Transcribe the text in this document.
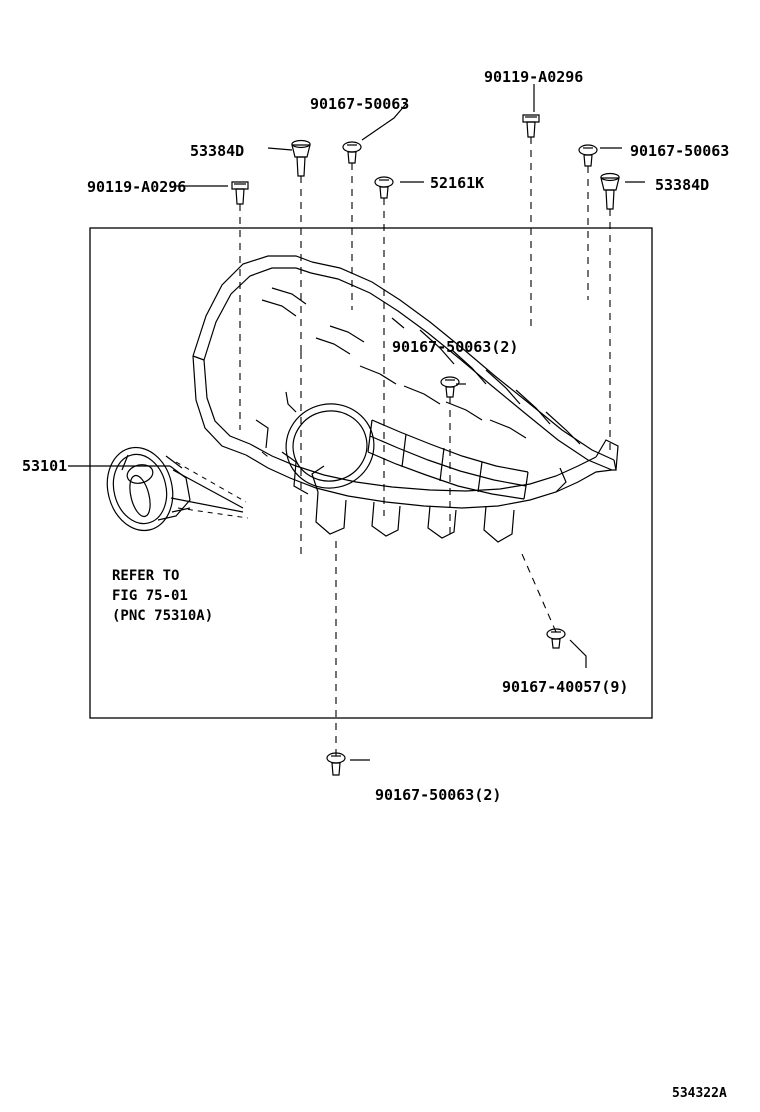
90119-A0296
90167-50063
53384D	90167-50063
90119-A0296	52161K	53384D
90167-50063(2)
53101
90167-40057(9)
90167-50063(2)
REFER TO
FIG 75-01
(PNC 75310A)
534322A
